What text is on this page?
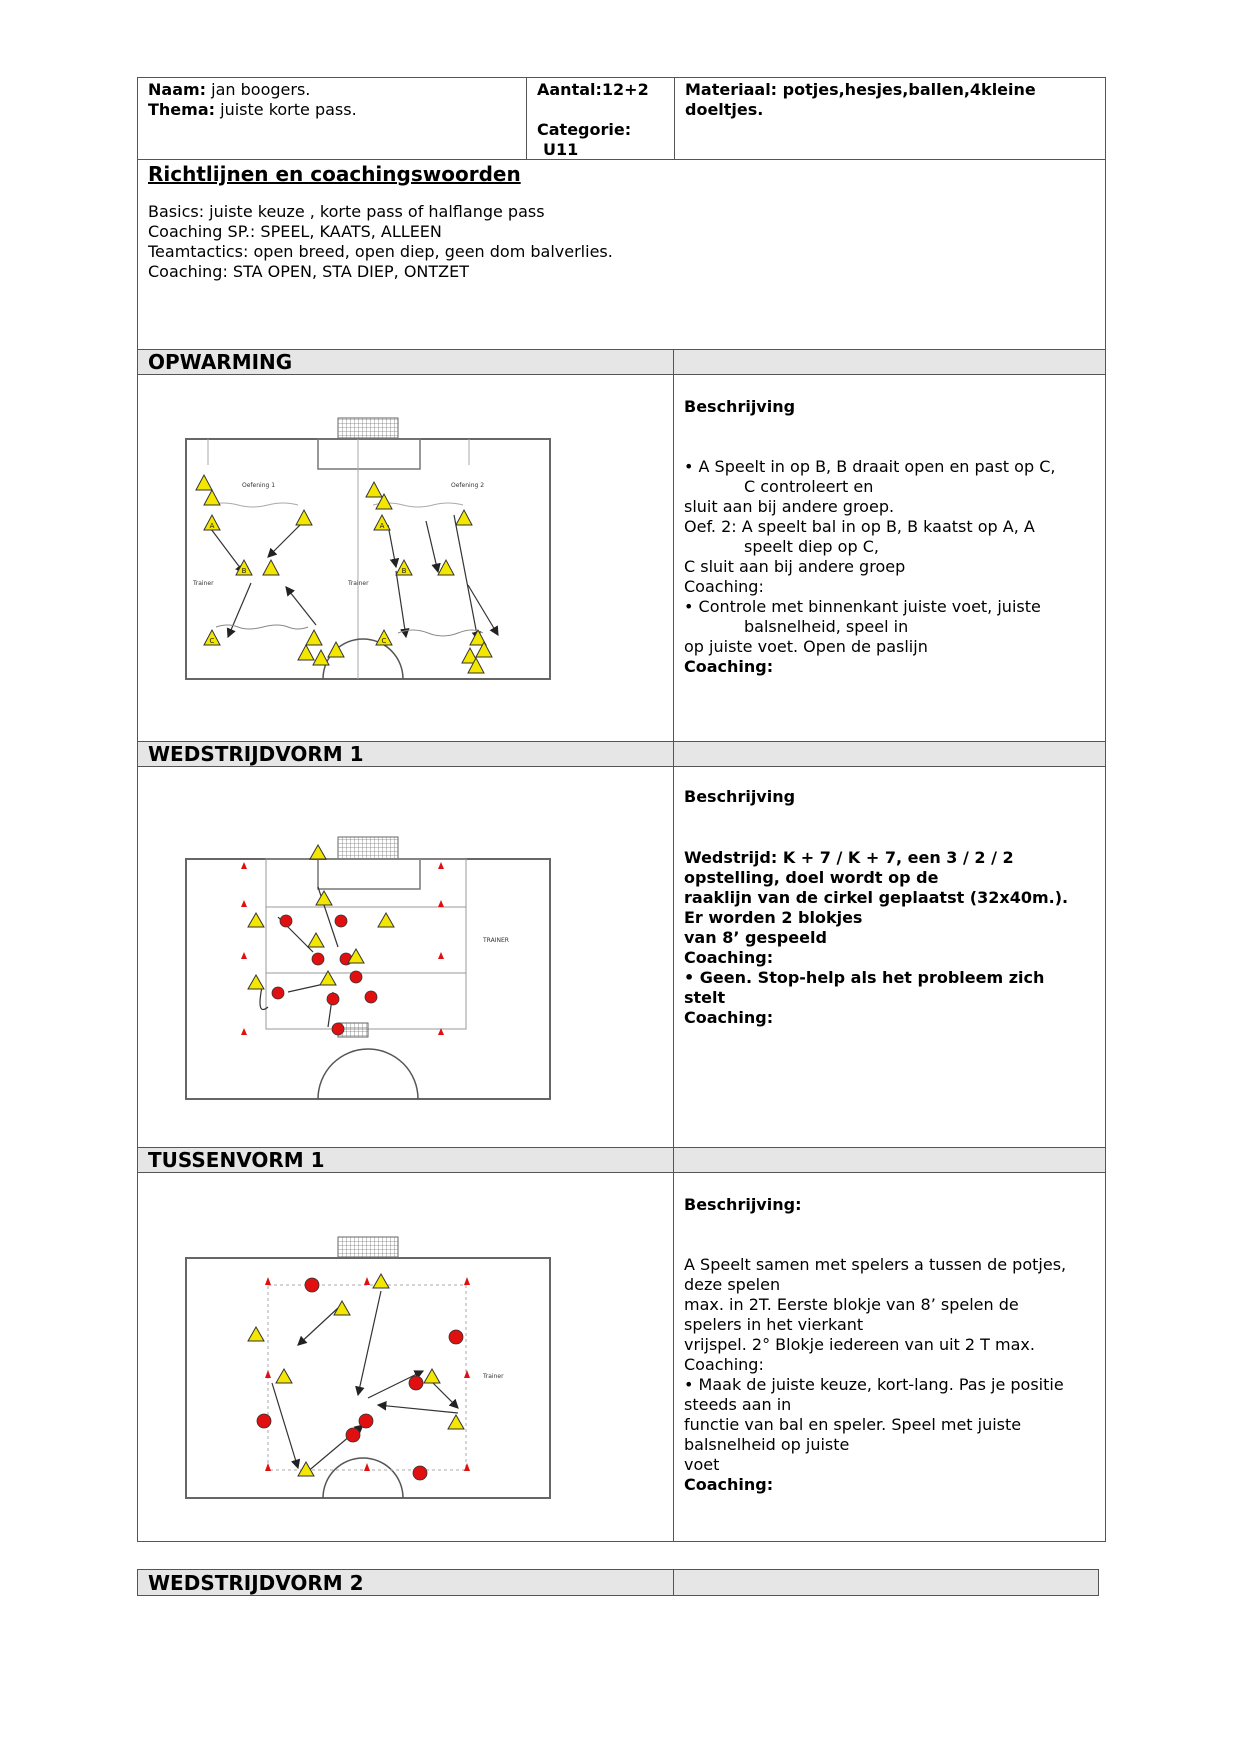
Naam: jan boogers.
Thema: juiste korte pass.
Aantal:12+2
Categorie:
U11
Materiaal: potjes,hesjes,ballen,4kleine doeltjes.
Richtlijnen en coachingswoorden
Basics: juiste keuze , korte pass of halflange pass
Coaching SP.: SPEEL, KAATS, ALLEEN
Teamtactics: open breed, open diep, geen dom balverlies.
Coaching: STA OPEN, STA DIEP, ONTZET
OPWARMING
Oefening 1	Oefening 2
Trainer	Trainer
A
B
C
A
B
C
Beschrijving
• A Speelt in op B, B draait open en past op C,
C controleert en
sluit aan bij andere groep.
Oef. 2: A speelt bal in op B, B kaatst op A, A
speelt diep op C,
C sluit aan bij andere groep
Coaching:
• Controle met binnenkant juiste voet, juiste
balsnelheid, speel in
op juiste voet. Open de paslijn
Coaching:
WEDSTRIJDVORM 1
TRAINER
Beschrijving
Wedstrijd: K + 7 / K + 7, een 3 / 2 / 2
opstelling, doel wordt op de
raaklijn van de cirkel geplaatst (32x40m.).
Er worden 2 blokjes
van 8’ gespeeld
Coaching:
• Geen. Stop-help als het probleem zich
stelt
Coaching:
TUSSENVORM 1
Trainer
Beschrijving:
A Speelt samen met spelers a tussen de potjes,
deze spelen
max. in 2T. Eerste blokje van 8’ spelen de
spelers in het vierkant
vrijspel. 2° Blokje iedereen van uit 2 T max.
Coaching:
• Maak de juiste keuze, kort-lang. Pas je positie
steeds aan in
functie van bal en speler. Speel met juiste
balsnelheid op juiste
voet
Coaching:
WEDSTRIJDVORM 2
